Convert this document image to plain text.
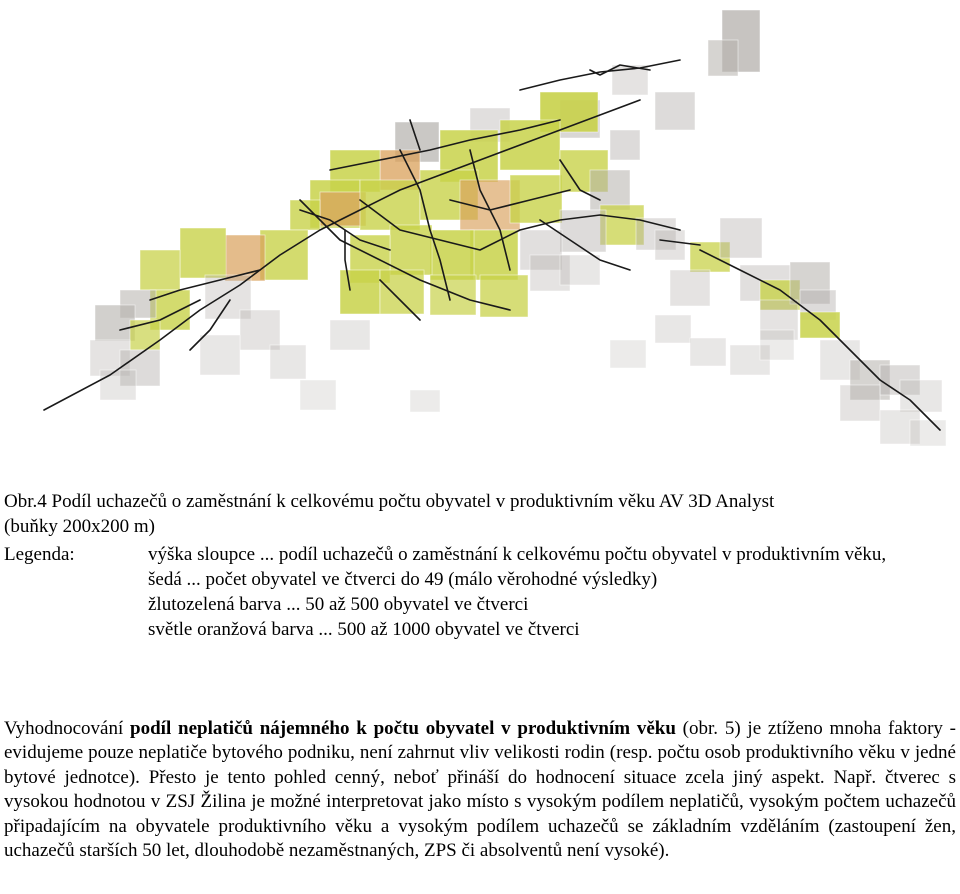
Obr.4 Podíl uchazečů o zaměstnání k celkovému počtu obyvatel v produktivním věku AV 3D Analyst
(buňky 200x200 m)
Legenda:	výška sloupce ... podíl uchazečů o zaměstnání k celkovému počtu obyvatel v produktivním věku,
šedá ... počet obyvatel ve čtverci do 49 (málo věrohodné výsledky)
žlutozelená barva ... 50 až 500 obyvatel ve čtverci
světle oranžová barva ... 500 až 1000 obyvatel ve čtverci

Vyhodnocování podíl neplatičů nájemného k počtu obyvatel v produktivním věku (obr. 5) je ztíženo mnoha faktory - evidujeme pouze neplatiče bytového podniku, není zahrnut vliv velikosti rodin (resp. počtu osob produktivního věku v jedné bytové jednotce). Přesto je tento pohled cenný, neboť přináší do hodnocení situace zcela jiný aspekt. Např. čtverec s vysokou hodnotou v ZSJ Žilina je možné interpretovat jako místo s vysokým podílem neplatičů, vysokým počtem uchazečů připadajícím na obyvatele produktivního věku a vysokým podílem uchazečů se základním vzděláním (zastoupení žen, uchazečů starších 50 let, dlouhodobě nezaměstnaných, ZPS či absolventů není vysoké).
